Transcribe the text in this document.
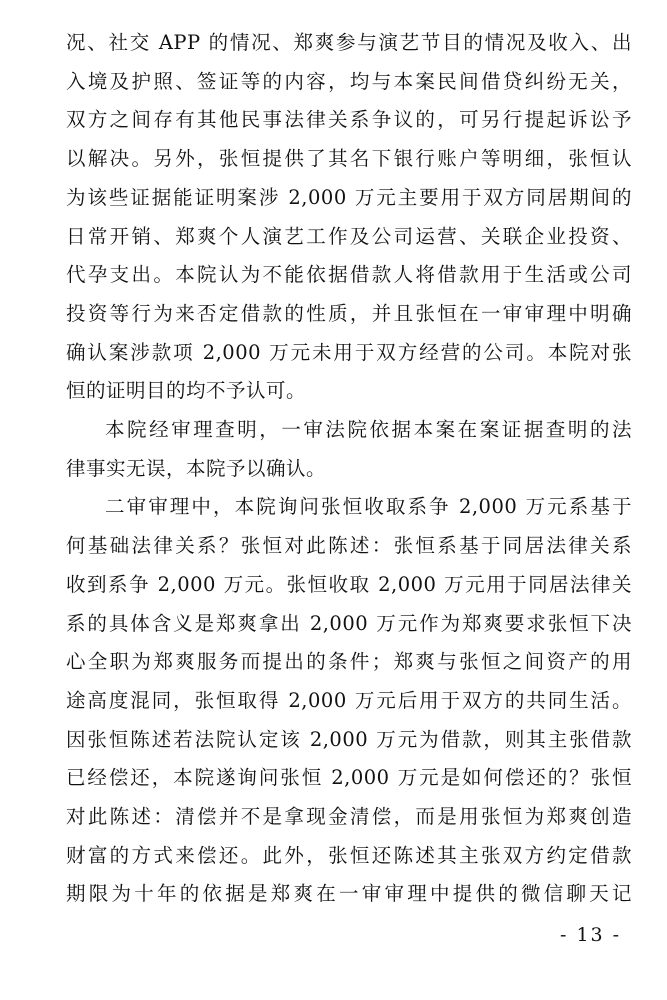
况、社交 APP 的情况、郑爽参与演艺节目的情况及收入、出
入境及护照、签证等的内容，均与本案民间借贷纠纷无关，
双方之间存有其他民事法律关系争议的，可另行提起诉讼予
以解决。另外，张恒提供了其名下银行账户等明细，张恒认
为该些证据能证明案涉 2,000 万元主要用于双方同居期间的
日常开销、郑爽个人演艺工作及公司运营、关联企业投资、
代孕支出。本院认为不能依据借款人将借款用于生活或公司
投资等行为来否定借款的性质，并且张恒在一审审理中明确
确认案涉款项 2,000 万元未用于双方经营的公司。本院对张
恒的证明目的均不予认可。
本院经审理查明，一审法院依据本案在案证据查明的法
律事实无误，本院予以确认。
二审审理中，本院询问张恒收取系争 2,000 万元系基于
何基础法律关系？张恒对此陈述：张恒系基于同居法律关系
收到系争 2,000 万元。张恒收取 2,000 万元用于同居法律关
系的具体含义是郑爽拿出 2,000 万元作为郑爽要求张恒下决
心全职为郑爽服务而提出的条件；郑爽与张恒之间资产的用
途高度混同，张恒取得 2,000 万元后用于双方的共同生活。
因张恒陈述若法院认定该 2,000 万元为借款，则其主张借款
已经偿还，本院遂询问张恒 2,000 万元是如何偿还的？张恒
对此陈述：清偿并不是拿现金清偿，而是用张恒为郑爽创造
财富的方式来偿还。此外，张恒还陈述其主张双方约定借款
期限为十年的依据是郑爽在一审审理中提供的微信聊天记
- 13 -
